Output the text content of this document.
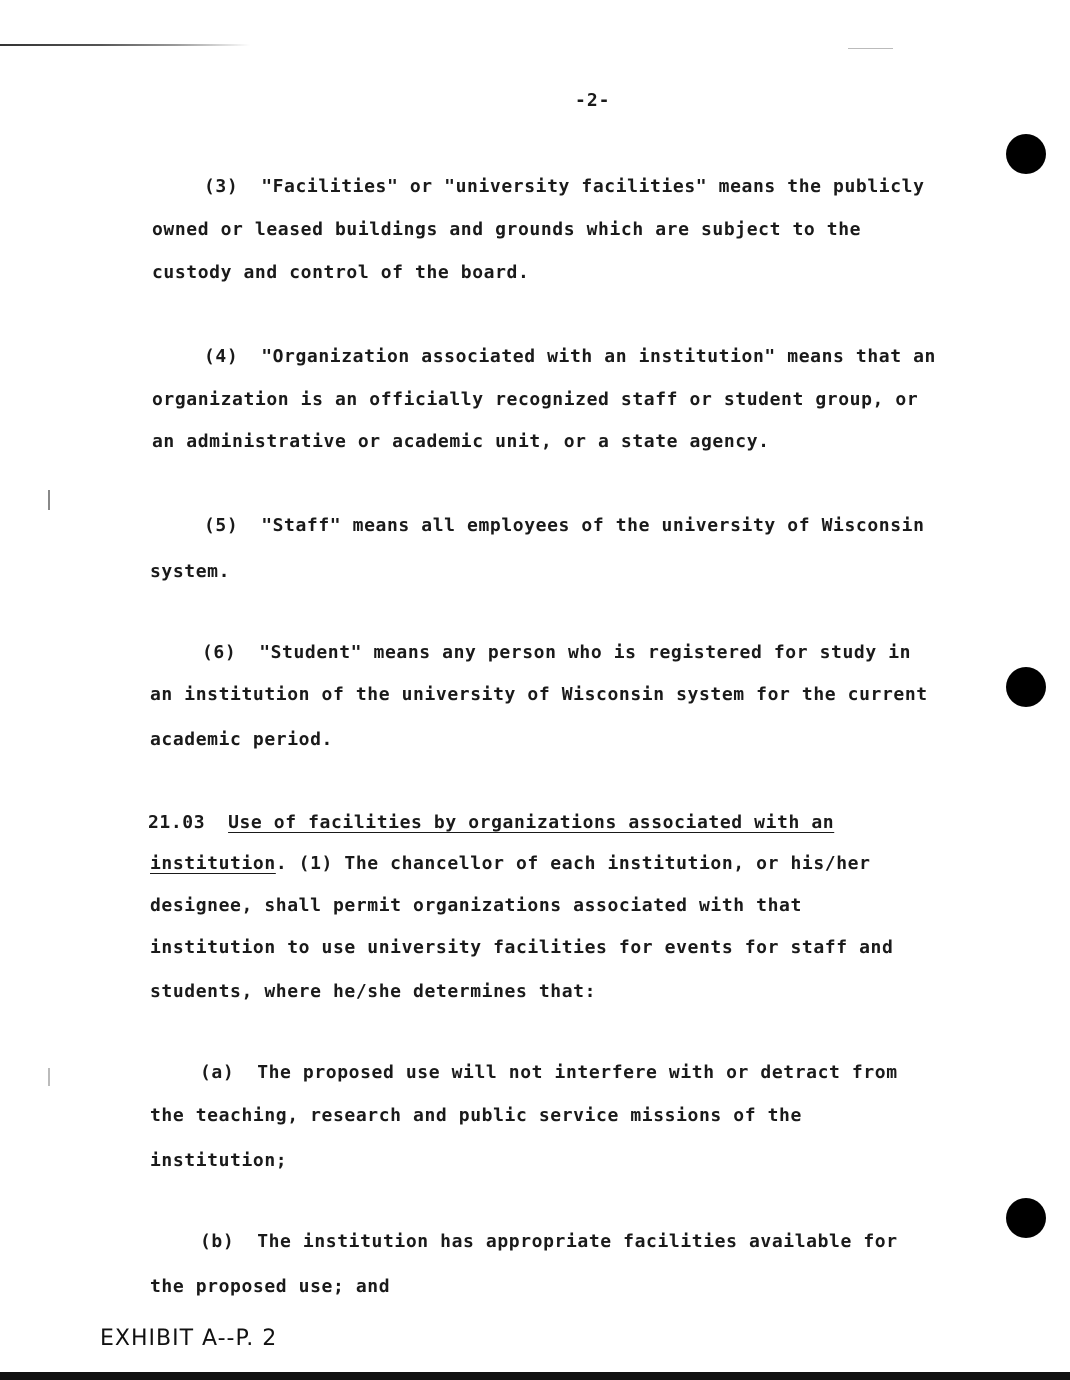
-2-
(3) "Facilities" or "university facilities" means the publicly
owned or leased buildings and grounds which are subject to the
custody and control of the board.
(4) "Organization associated with an institution" means that an
organization is an officially recognized staff or student group, or
an administrative or academic unit, or a state agency.
(5) "Staff" means all employees of the university of Wisconsin
system.
(6) "Student" means any person who is registered for study in
an institution of the university of Wisconsin system for the current
academic period.
21.03 Use of facilities by organizations associated with an
institution. (1) The chancellor of each institution, or his/her
designee, shall permit organizations associated with that
institution to use university facilities for events for staff and
students, where he/she determines that:
(a) The proposed use will not interfere with or detract from
the teaching, research and public service missions of the
institution;
(b) The institution has appropriate facilities available for
the proposed use; and
EXHIBIT A--P. 2
